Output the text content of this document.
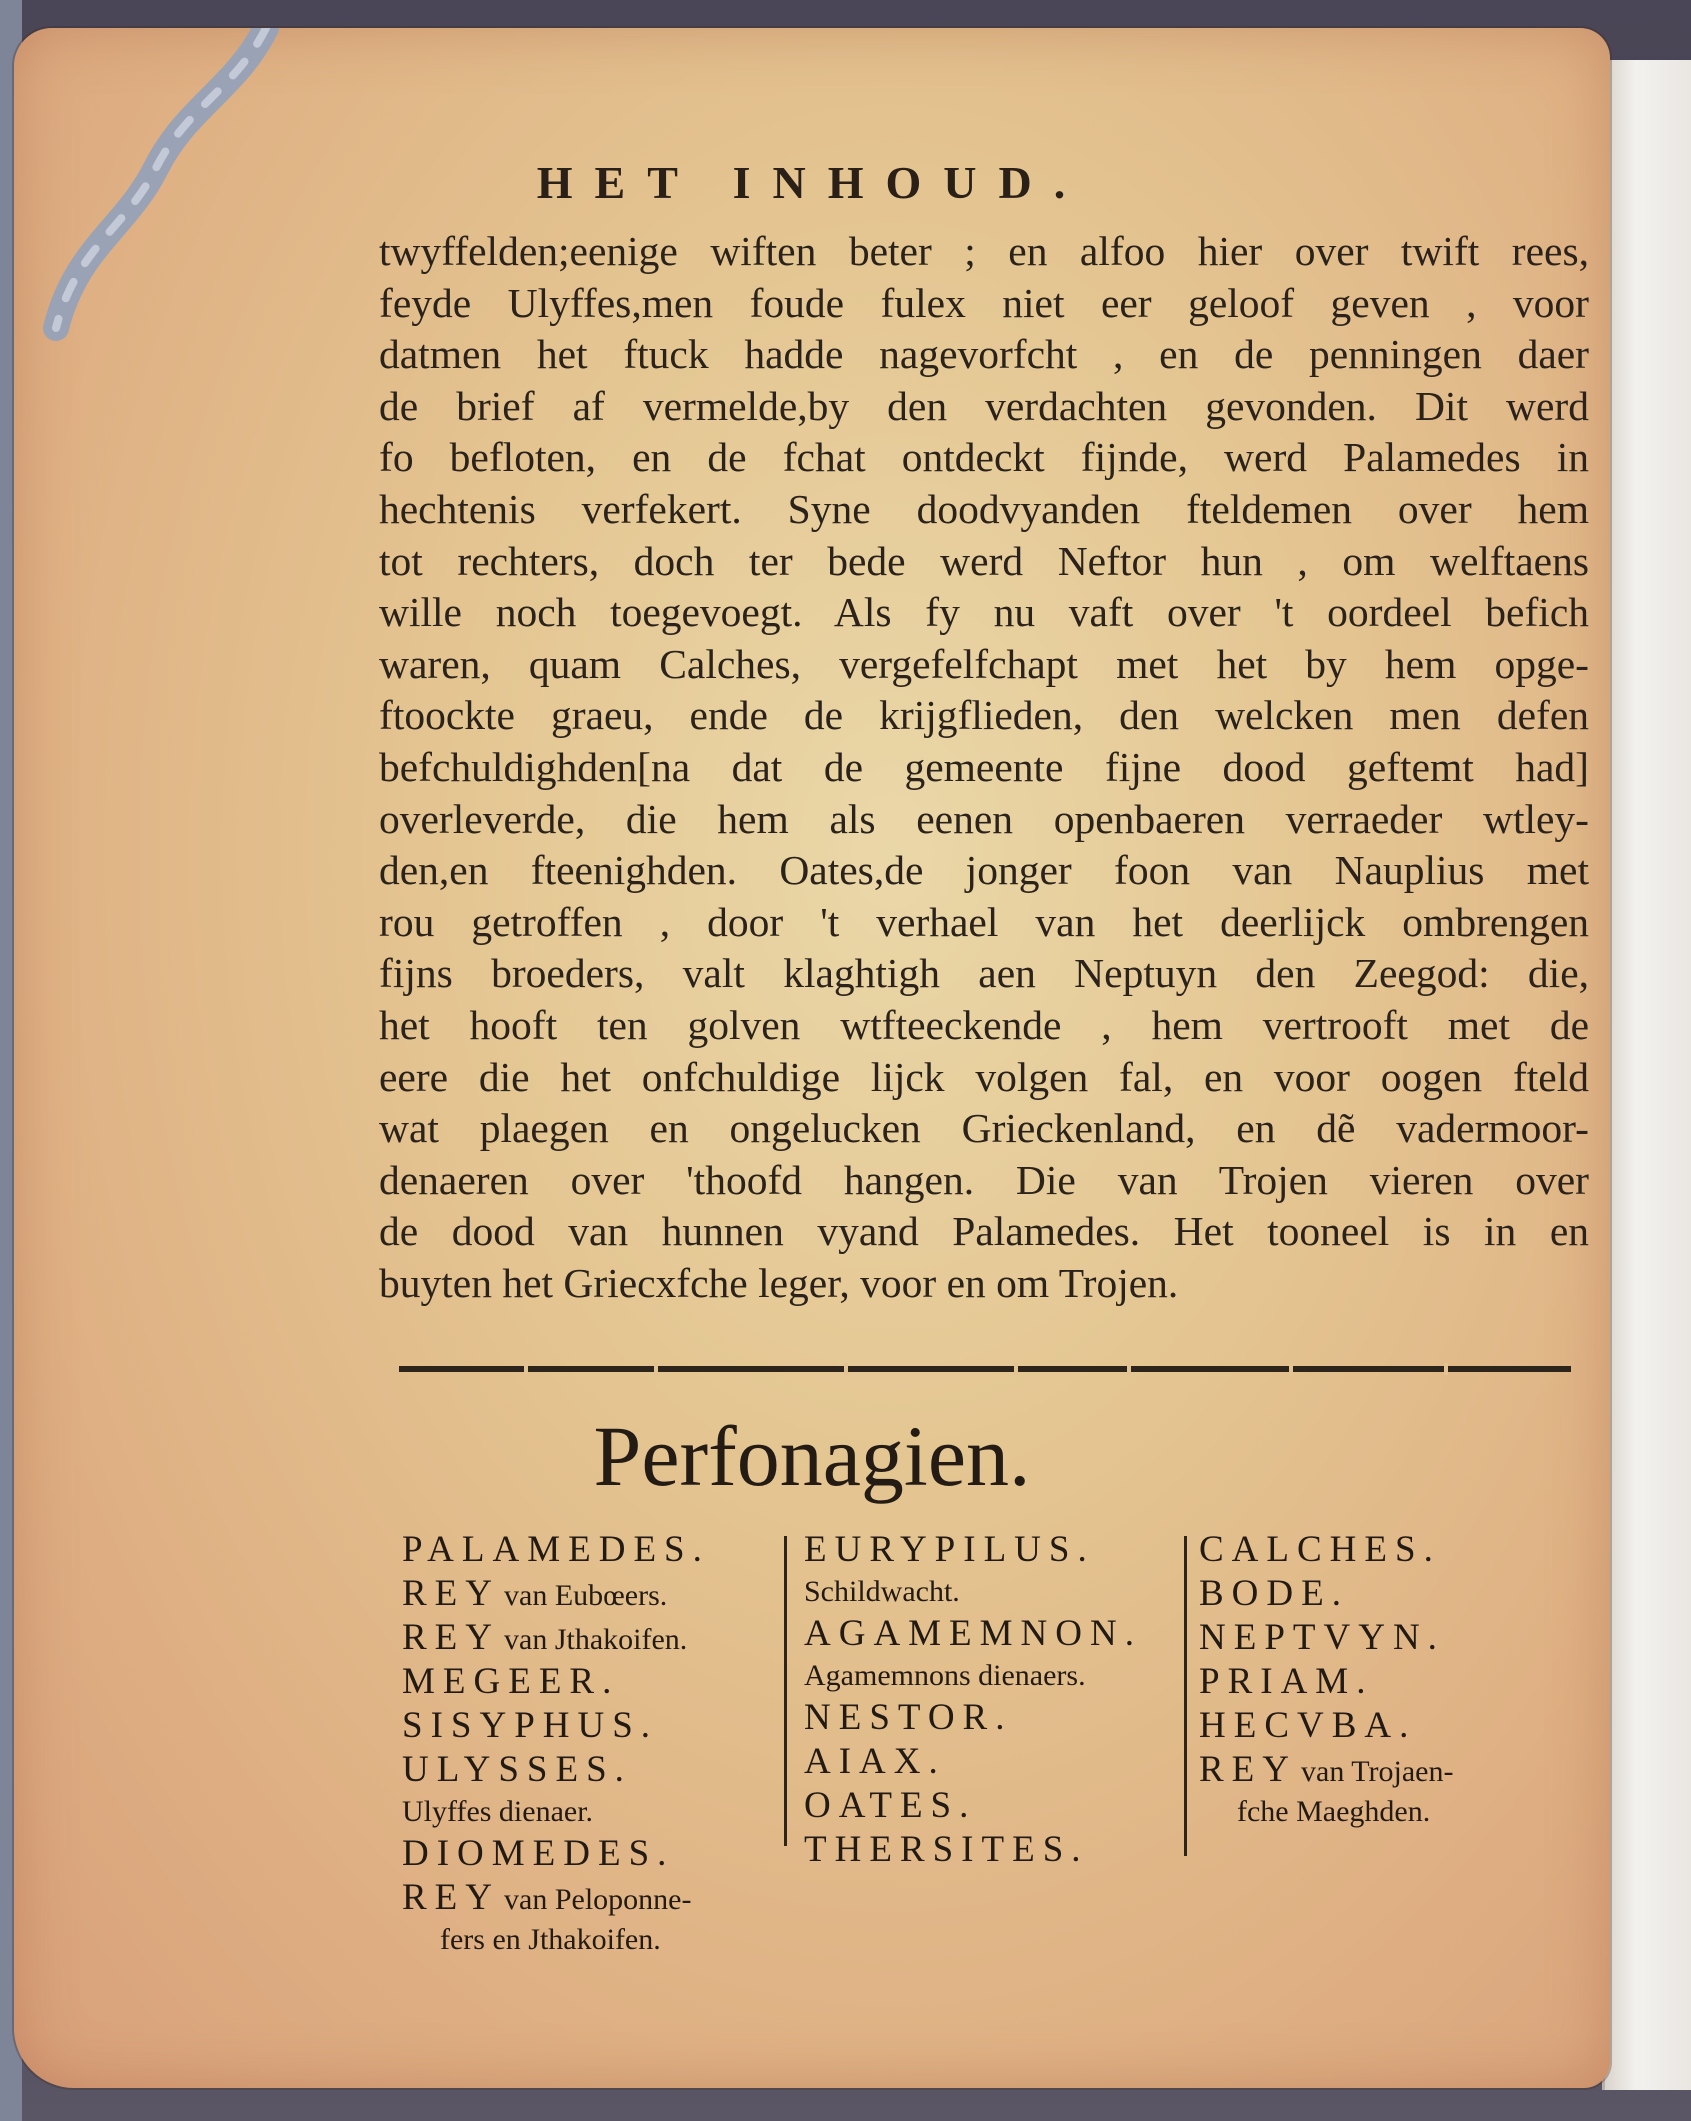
HET INHOUD.
twyffelden;eenige wiften beter ; en alfoo hier over twift rees,
feyde Ulyffes,men foude fulex niet eer geloof geven , voor
datmen het ftuck hadde nagevorfcht , en de penningen daer
de brief af vermelde,by den verdachten gevonden. Dit werd
fo befloten, en de fchat ontdeckt fijnde, werd Palamedes in
hechtenis verfekert. Syne doodvyanden fteldemen over hem
tot rechters, doch ter bede werd Neftor hun , om welftaens
wille noch toegevoegt. Als fy nu vaft over 't oordeel befich
waren, quam Calches, vergefelfchapt met het by hem opge-
ftoockte graeu, ende de krijgflieden, den welcken men defen
befchuldighden[na dat de gemeente fijne dood geftemt had]
overleverde, die hem als eenen openbaeren verraeder wtley-
den,en fteenighden. Oates,de jonger foon van Nauplius met
rou getroffen , door 't verhael van het deerlijck ombrengen
fijns broeders, valt klaghtigh aen Neptuyn den Zeegod: die,
het hooft ten golven wtfteeckende , hem vertrooft met de
eere die het onfchuldige lijck volgen fal, en voor oogen fteld
wat plaegen en ongelucken Grieckenland, en dẽ vadermoor-
denaeren over 'thoofd hangen. Die van Trojen vieren over
de dood van hunnen vyand Palamedes. Het tooneel is in en
buyten het Griecxfche leger, voor en om Trojen.
Perfonagien.
PALAMEDES.
REY van Eubœers.
REY van Jthakoifen.
MEGEER.
SISYPHUS.
ULYSSES.
Ulyffes dienaer.
DIOMEDES.
REY van Peloponne-
fers en Jthakoifen.
EURYPILUS.
Schildwacht.
AGAMEMNON.
Agamemnons dienaers.
NESTOR.
AIAX.
OATES.
THERSITES.
CALCHES.
BODE.
NEPTVYN.
PRIAM.
HECVBA.
REY van Trojaen-
fche Maeghden.
